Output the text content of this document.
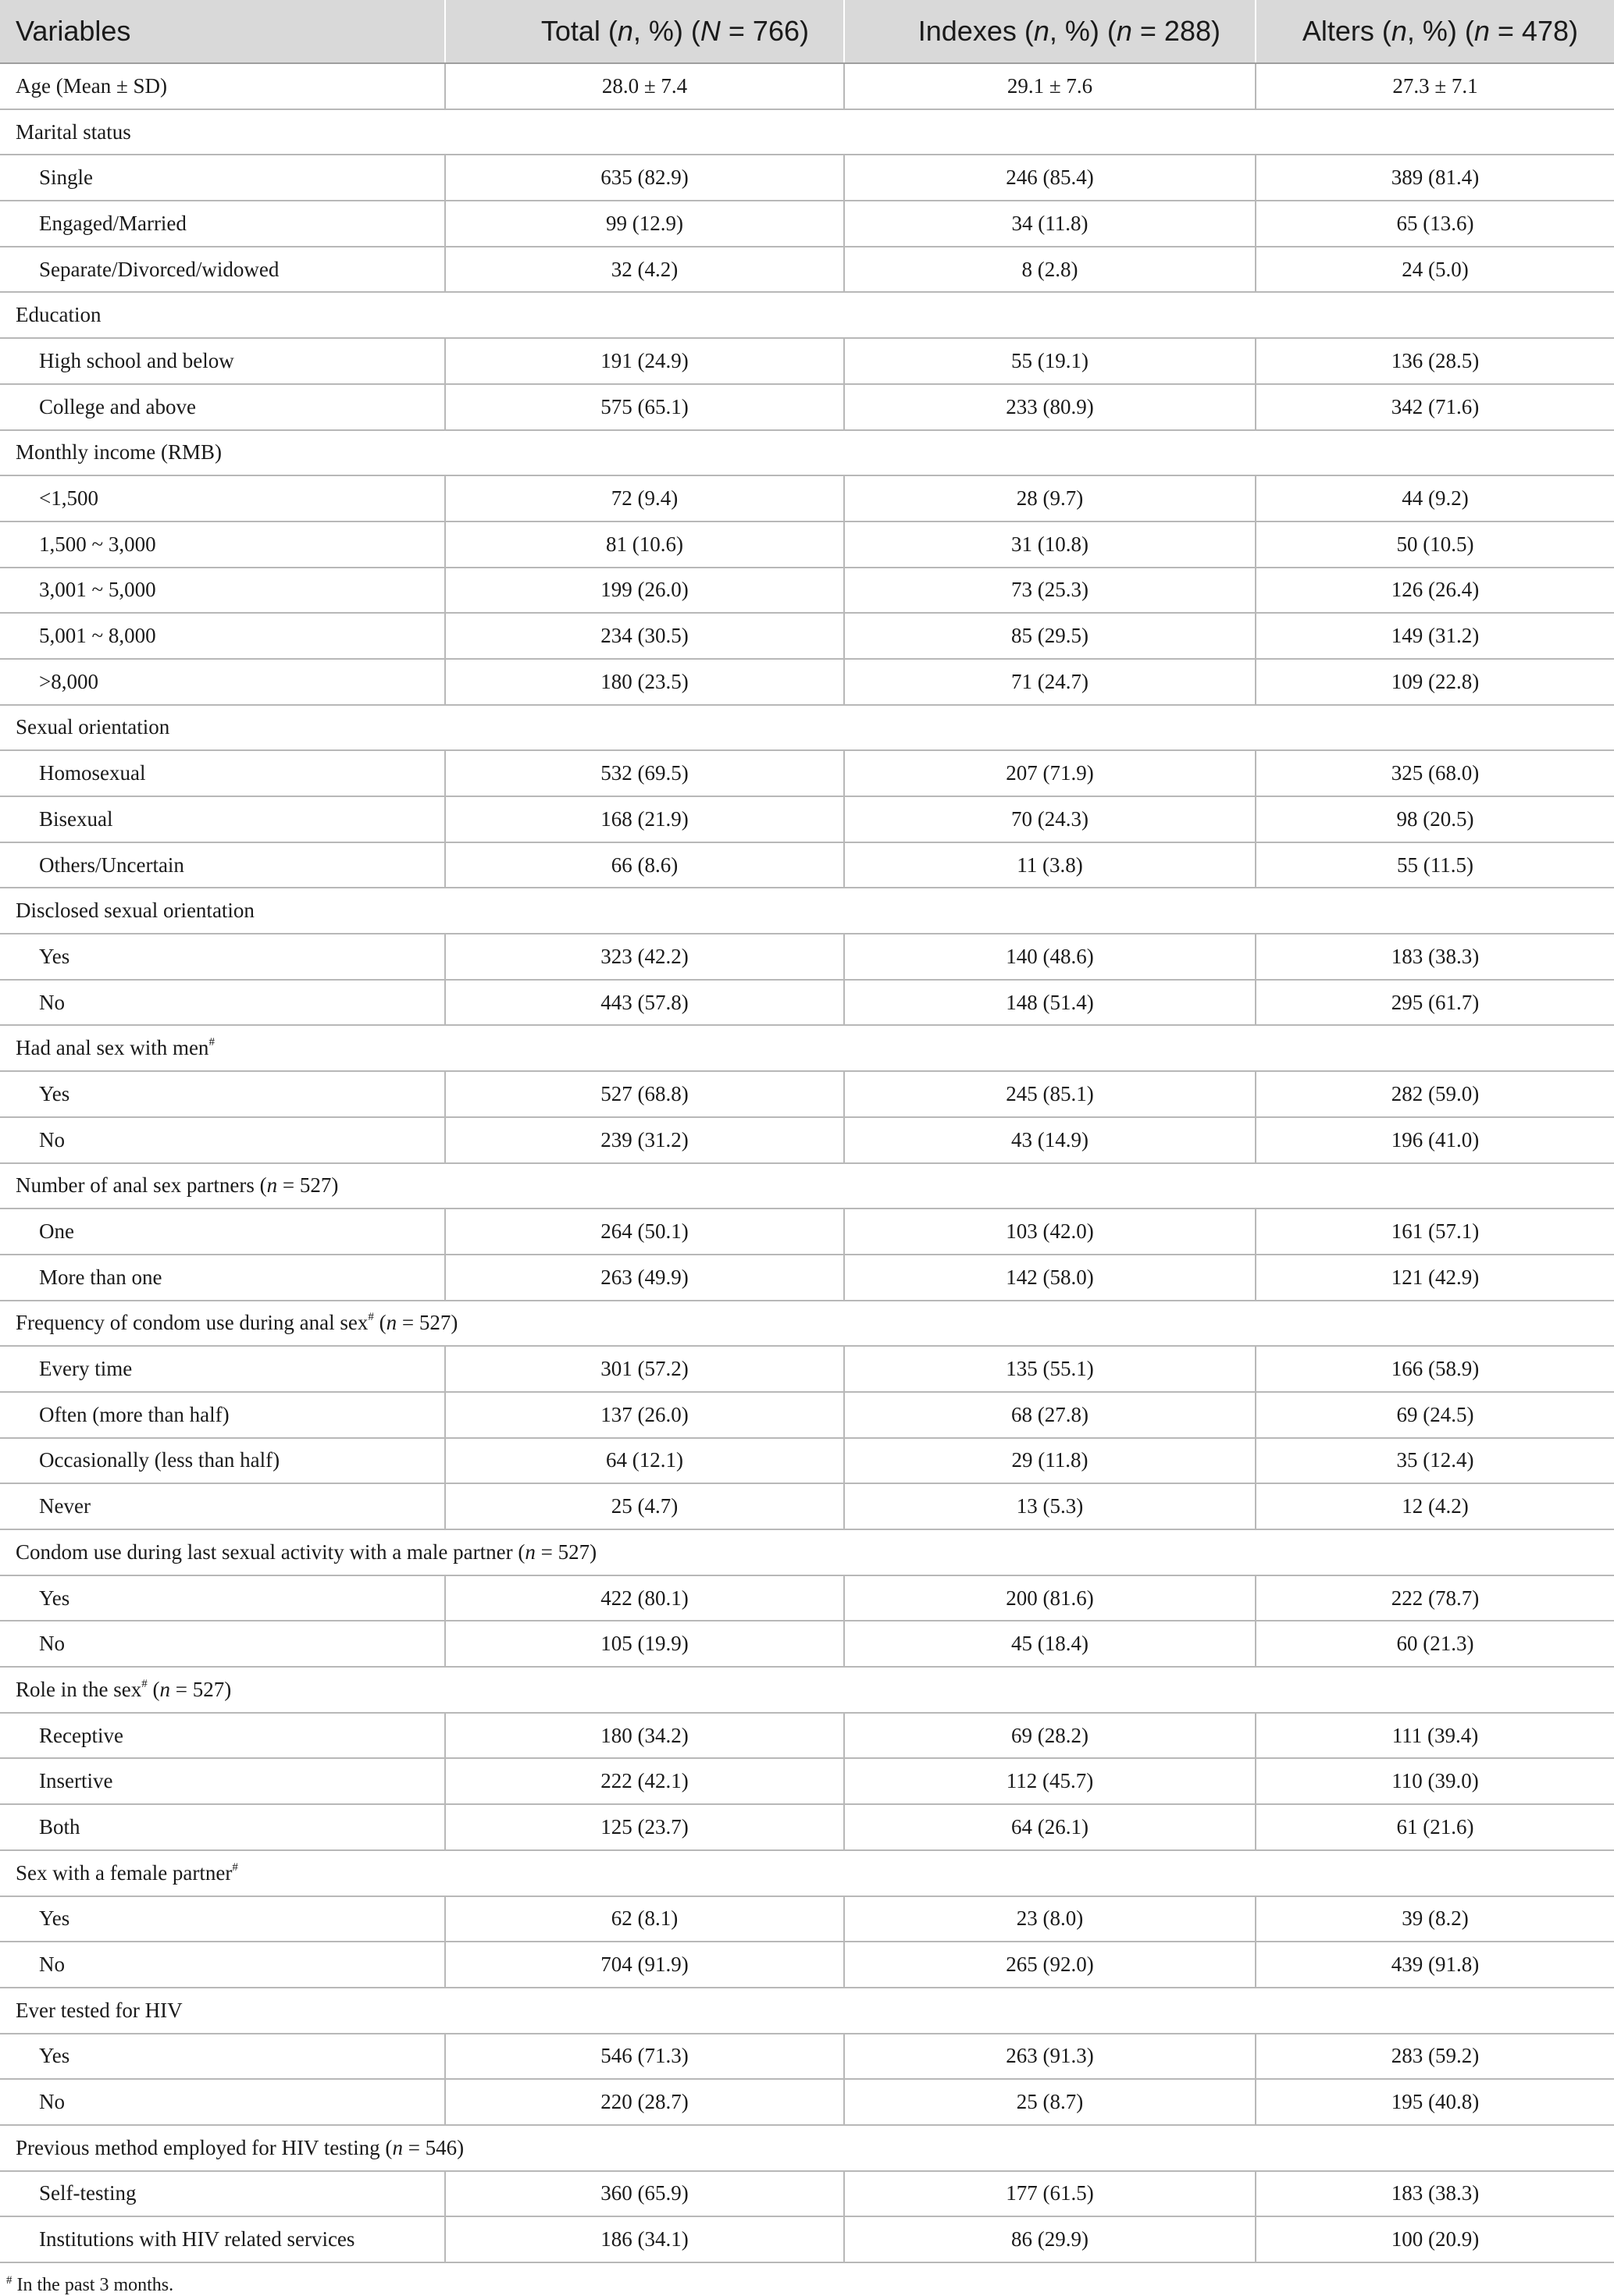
Variables	Total (n, %) (N = 766)	Indexes (n, %) (n = 288)	Alters (n, %) (n = 478)
Age (Mean ± SD)	28.0 ± 7.4	29.1 ± 7.6	27.3 ± 7.1
Marital status			
Single	635 (82.9)	246 (85.4)	389 (81.4)
Engaged/Married	99 (12.9)	34 (11.8)	65 (13.6)
Separate/Divorced/widowed	32 (4.2)	8 (2.8)	24 (5.0)
Education			
High school and below	191 (24.9)	55 (19.1)	136 (28.5)
College and above	575 (65.1)	233 (80.9)	342 (71.6)
Monthly income (RMB)			
<1,500	72 (9.4)	28 (9.7)	44 (9.2)
1,500 ~ 3,000	81 (10.6)	31 (10.8)	50 (10.5)
3,001 ~ 5,000	199 (26.0)	73 (25.3)	126 (26.4)
5,001 ~ 8,000	234 (30.5)	85 (29.5)	149 (31.2)
>8,000	180 (23.5)	71 (24.7)	109 (22.8)
Sexual orientation			
Homosexual	532 (69.5)	207 (71.9)	325 (68.0)
Bisexual	168 (21.9)	70 (24.3)	98 (20.5)
Others/Uncertain	66 (8.6)	11 (3.8)	55 (11.5)
Disclosed sexual orientation			
Yes	323 (42.2)	140 (48.6)	183 (38.3)
No	443 (57.8)	148 (51.4)	295 (61.7)
Had anal sex with men#
Yes	527 (68.8)	245 (85.1)	282 (59.0)
No	239 (31.2)	43 (14.9)	196 (41.0)
Number of anal sex partners (n = 527)			
One	264 (50.1)	103 (42.0)	161 (57.1)
More than one	263 (49.9)	142 (58.0)	121 (42.9)
Frequency of condom use during anal sex# (n = 527)			
Every time	301 (57.2)	135 (55.1)	166 (58.9)
Often (more than half)	137 (26.0)	68 (27.8)	69 (24.5)
Occasionally (less than half)	64 (12.1)	29 (11.8)	35 (12.4)
Never	25 (4.7)	13 (5.3)	12 (4.2)
Condom use during last sexual activity with a male partner (n = 527)			
Yes	422 (80.1)	200 (81.6)	222 (78.7)
No	105 (19.9)	45 (18.4)	60 (21.3)
Role in the sex# (n = 527)			
Receptive	180 (34.2)	69 (28.2)	111 (39.4)
Insertive	222 (42.1)	112 (45.7)	110 (39.0)
Both	125 (23.7)	64 (26.1)	61 (21.6)
Sex with a female partner#
Yes	62 (8.1)	23 (8.0)	39 (8.2)
No	704 (91.9)	265 (92.0)	439 (91.8)
Ever tested for HIV			
Yes	546 (71.3)	263 (91.3)	283 (59.2)
No	220 (28.7)	25 (8.7)	195 (40.8)
Previous method employed for HIV testing (n = 546)			
Self-testing	360 (65.9)	177 (61.5)	183 (38.3)
Institutions with HIV related services	186 (34.1)	86 (29.9)	100 (20.9)
# In the past 3 months.
